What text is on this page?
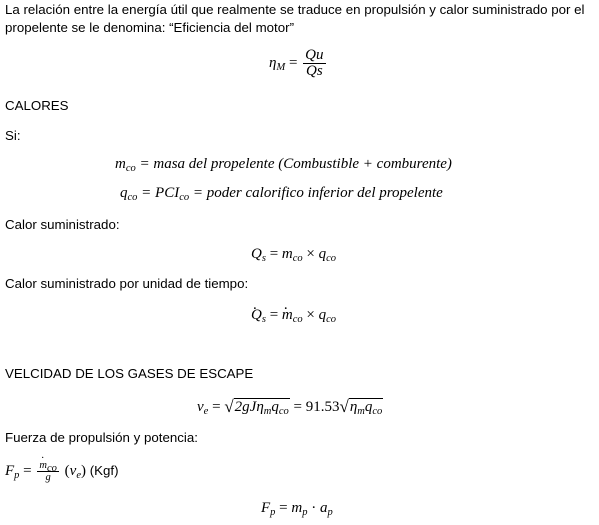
La relación entre la energía útil que realmente se traduce en propulsión y calor suministrado por el
propelente se le denomina: “Eficiencia del motor”
$\eta_M = \frac{Qu}{Qs}$
CALORES
Si:
$m_{co}$ = masa del propelente (Combustible + comburente)
$q_{co} = PCI_{co}$ = poder calorifico inferior del propelente
Calor suministrado:
$Q_s = m_{co} \times q_{co}$
Calor suministrado por unidad de tiempo:
. $Q_s$ = . $m_{co} \times q_{co}$
VELCIDAD DE LOS GASES DE ESCAPE
$v_e = √2gJ\eta_mq_{co} = 91.53√\eta_mq_{co}$
Fuerza de propulsión y potencia:
$F_p$ =
. $\frac{m_{co}}{g} (v_e)$ (Kgf)
$F_p = m_p \cdot a_p$
